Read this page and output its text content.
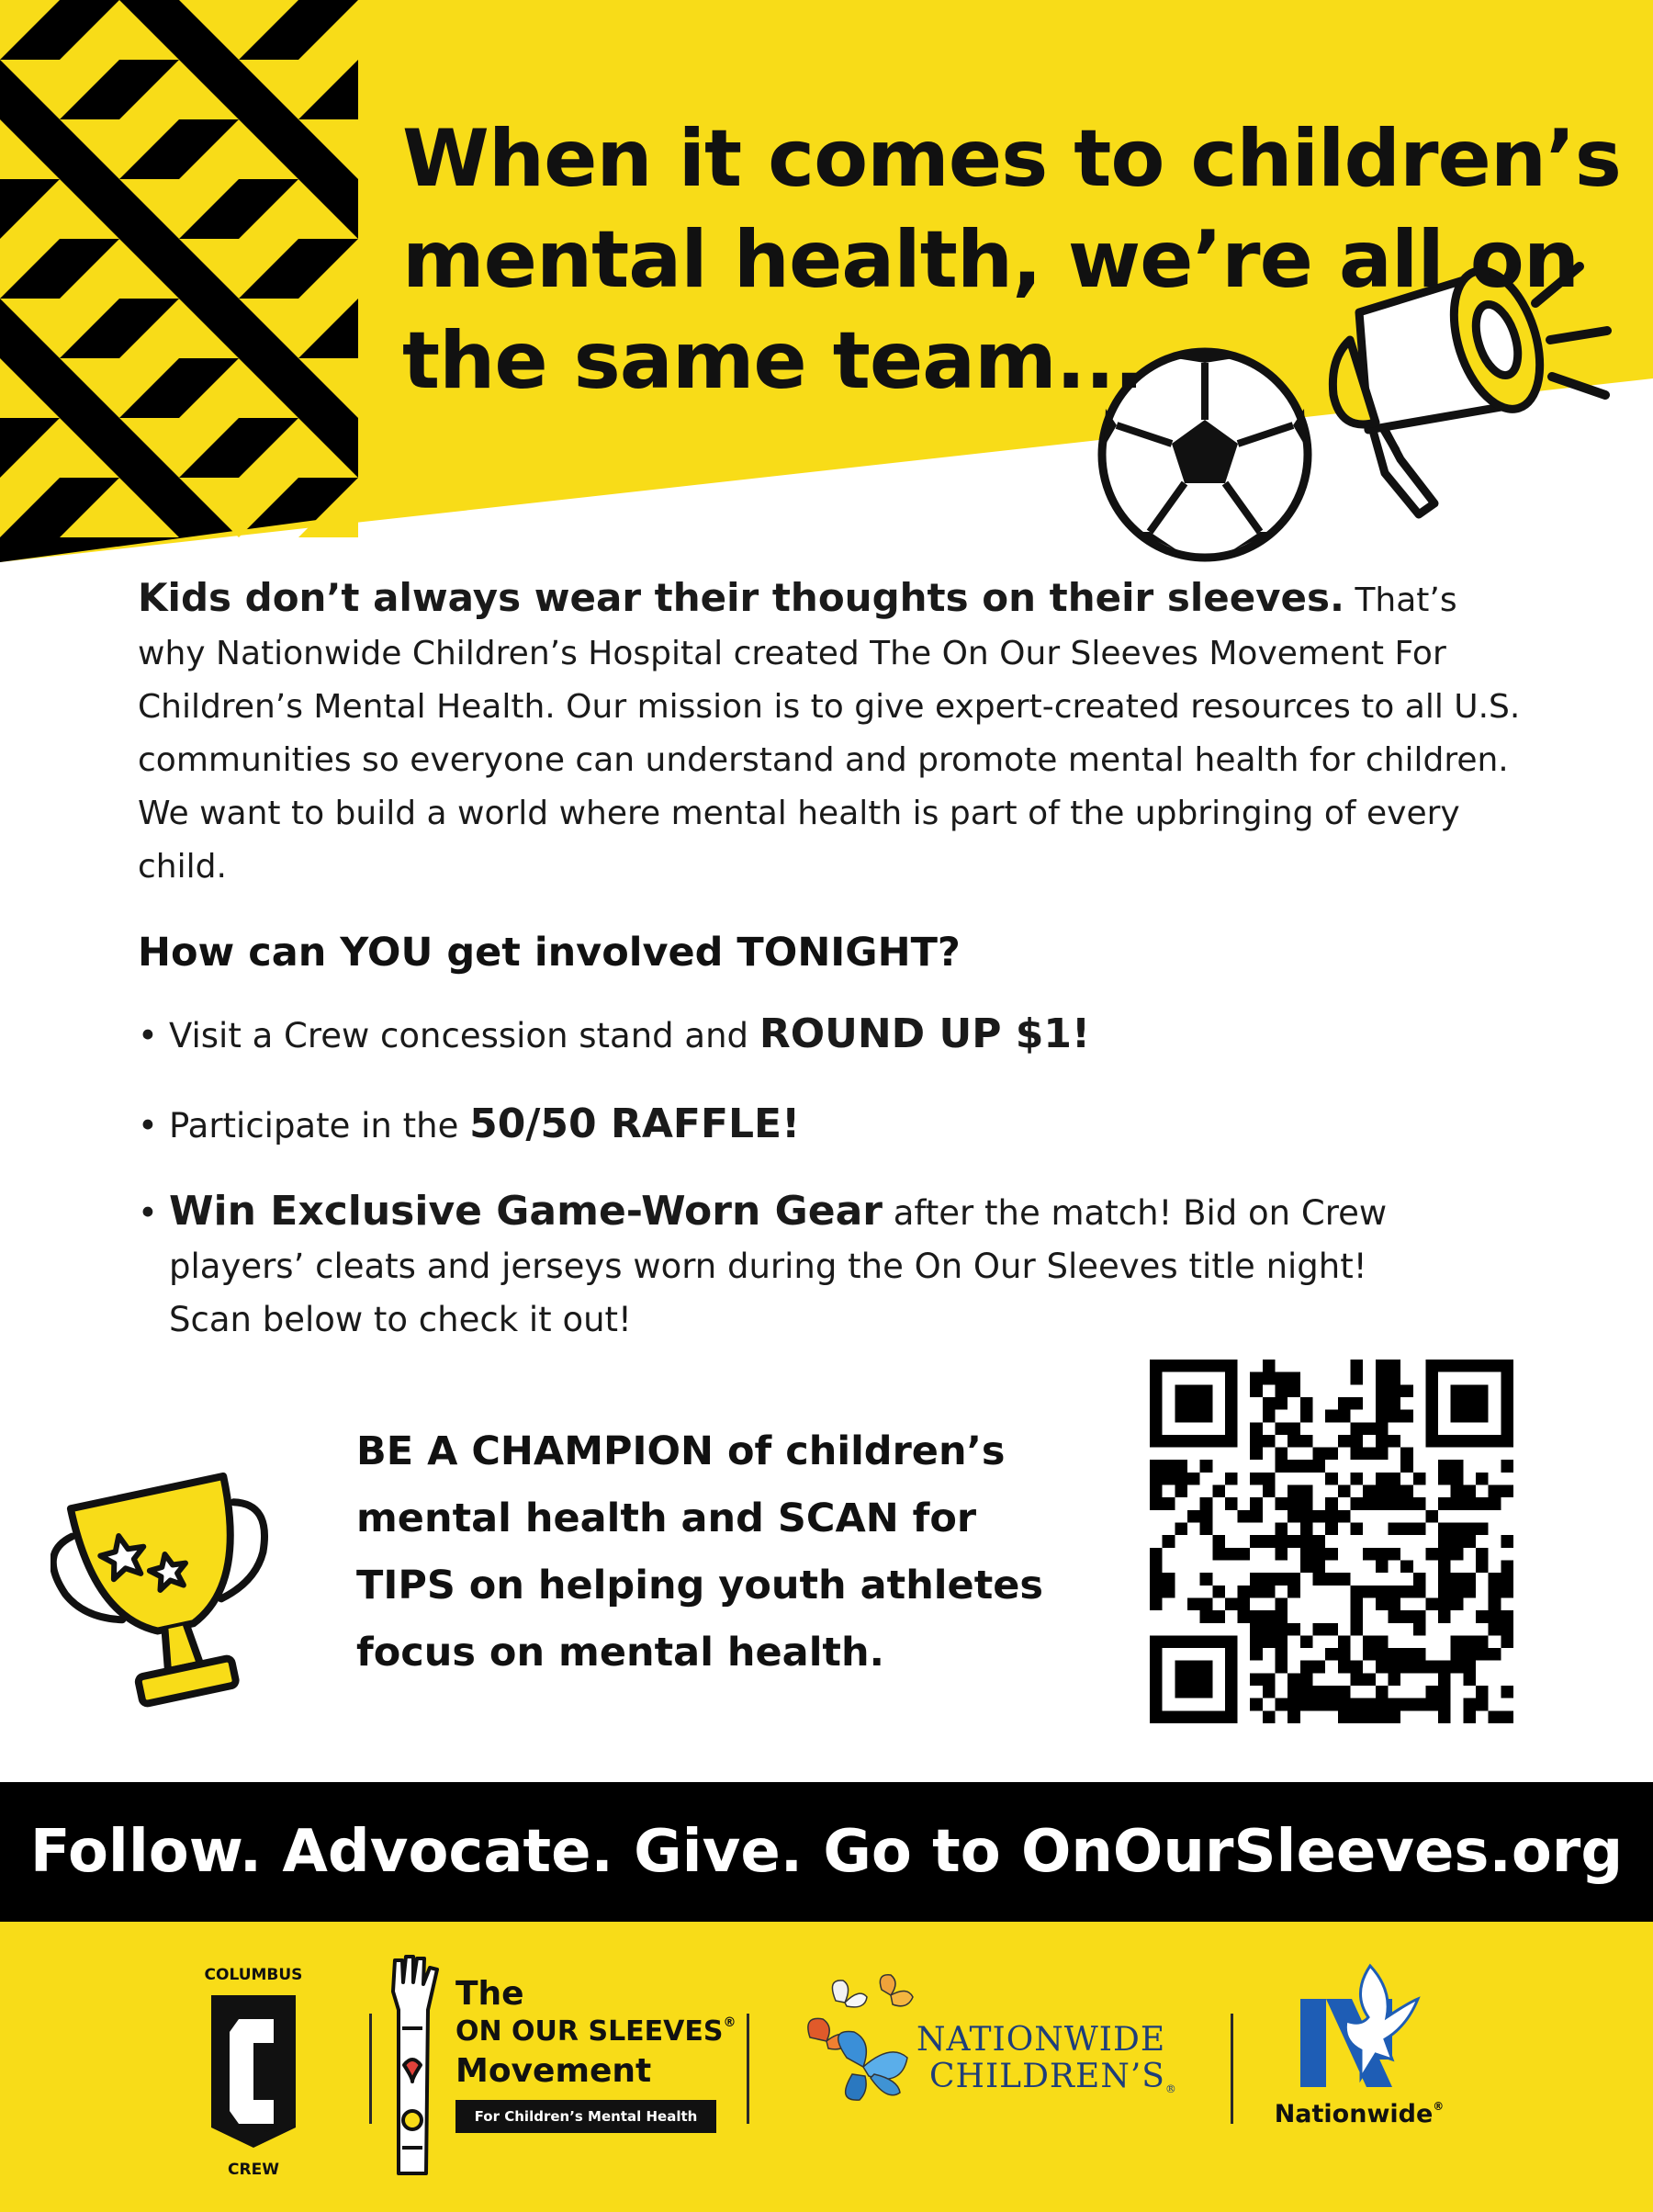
When it comes to children’s
mental health, we’re all on
the same team...
Kids don’t always wear their thoughts on their sleeves. That’s why Nationwide Children’s Hospital created The On Our Sleeves Movement For Children’s Mental Health. Our mission is to give expert-created resources to all U.S. communities so everyone can understand and promote mental health for children. We want to build a world where mental health is part of the upbringing of every child.
How can YOU get involved TONIGHT?
• Visit a Crew concession stand and ROUND UP $1!
• Participate in the 50/50 RAFFLE!
• Win Exclusive Game-Worn Gear after the match! Bid on Crew
players’ cleats and jerseys worn during the On Our Sleeves title night!
Scan below to check it out!
BE A CHAMPION of children’s
mental health and SCAN for
TIPS on helping youth athletes
focus on mental health.
Follow. Advocate. Give. Go to OnOurSleeves.org
COLUMBUS
96
CREW
The
ON OUR SLEEVES®
Movement
For Children’s Mental Health
NATIONWIDE
CHILDREN’S®
Nationwide®
